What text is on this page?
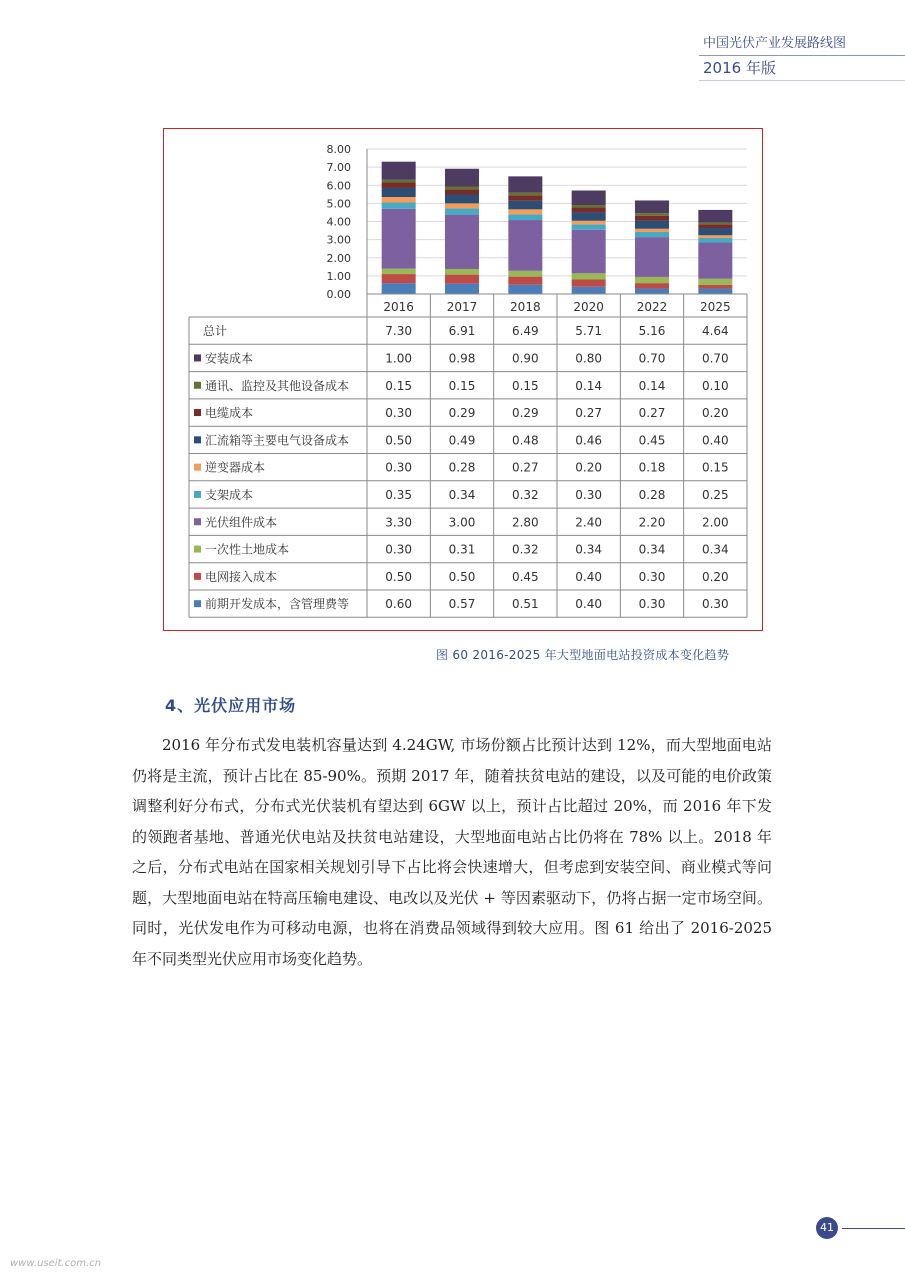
中国光伏产业发展路线图
2016 年版
0.00
1.00
2.00
3.00
4.00
5.00
6.00
7.00
8.00
2016	2017	2018	2020	2022	2025
总计	7.30	6.91	6.49	5.71	5.16	4.64
安装成本	1.00	0.98	0.90	0.80	0.70	0.70
通讯、监控及其他设备成本	0.15	0.15	0.15	0.14	0.14	0.10
电缆成本	0.30	0.29	0.29	0.27	0.27	0.20
汇流箱等主要电气设备成本	0.50	0.49	0.48	0.46	0.45	0.40
逆变器成本	0.30	0.28	0.27	0.20	0.18	0.15
支架成本	0.35	0.34	0.32	0.30	0.28	0.25
光伏组件成本	3.30	3.00	2.80	2.40	2.20	2.00
一次性土地成本	0.30	0.31	0.32	0.34	0.34	0.34
电网接入成本	0.50	0.50	0.45	0.40	0.30	0.20
前期开发成本，含管理费等	0.60	0.57	0.51	0.40	0.30	0.30
图 60 2016-2025 年大型地面电站投资成本变化趋势
4、光伏应用市场

2016 年分布式发电装机容量达到 4.24GW, 市场份额占比预计达到 12%，而大型地面电站仍将是主流，预计占比在 85-90%。预期 2017 年，随着扶贫电站的建设，以及可能的电价政策调整利好分布式，分布式光伏装机有望达到 6GW 以上，预计占比超过 20%，而 2016 年下发的领跑者基地、普通光伏电站及扶贫电站建设，大型地面电站占比仍将在 78% 以上。2018 年之后，分布式电站在国家相关规划引导下占比将会快速增大，但考虑到安装空间、商业模式等问题，大型地面电站在特高压输电建设、电改以及光伏 + 等因素驱动下，仍将占据一定市场空间。同时，光伏发电作为可移动电源，也将在消费品领域得到较大应用。图 61 给出了 2016-2025 年不同类型光伏应用市场变化趋势。

41
www.useit.com.cn
